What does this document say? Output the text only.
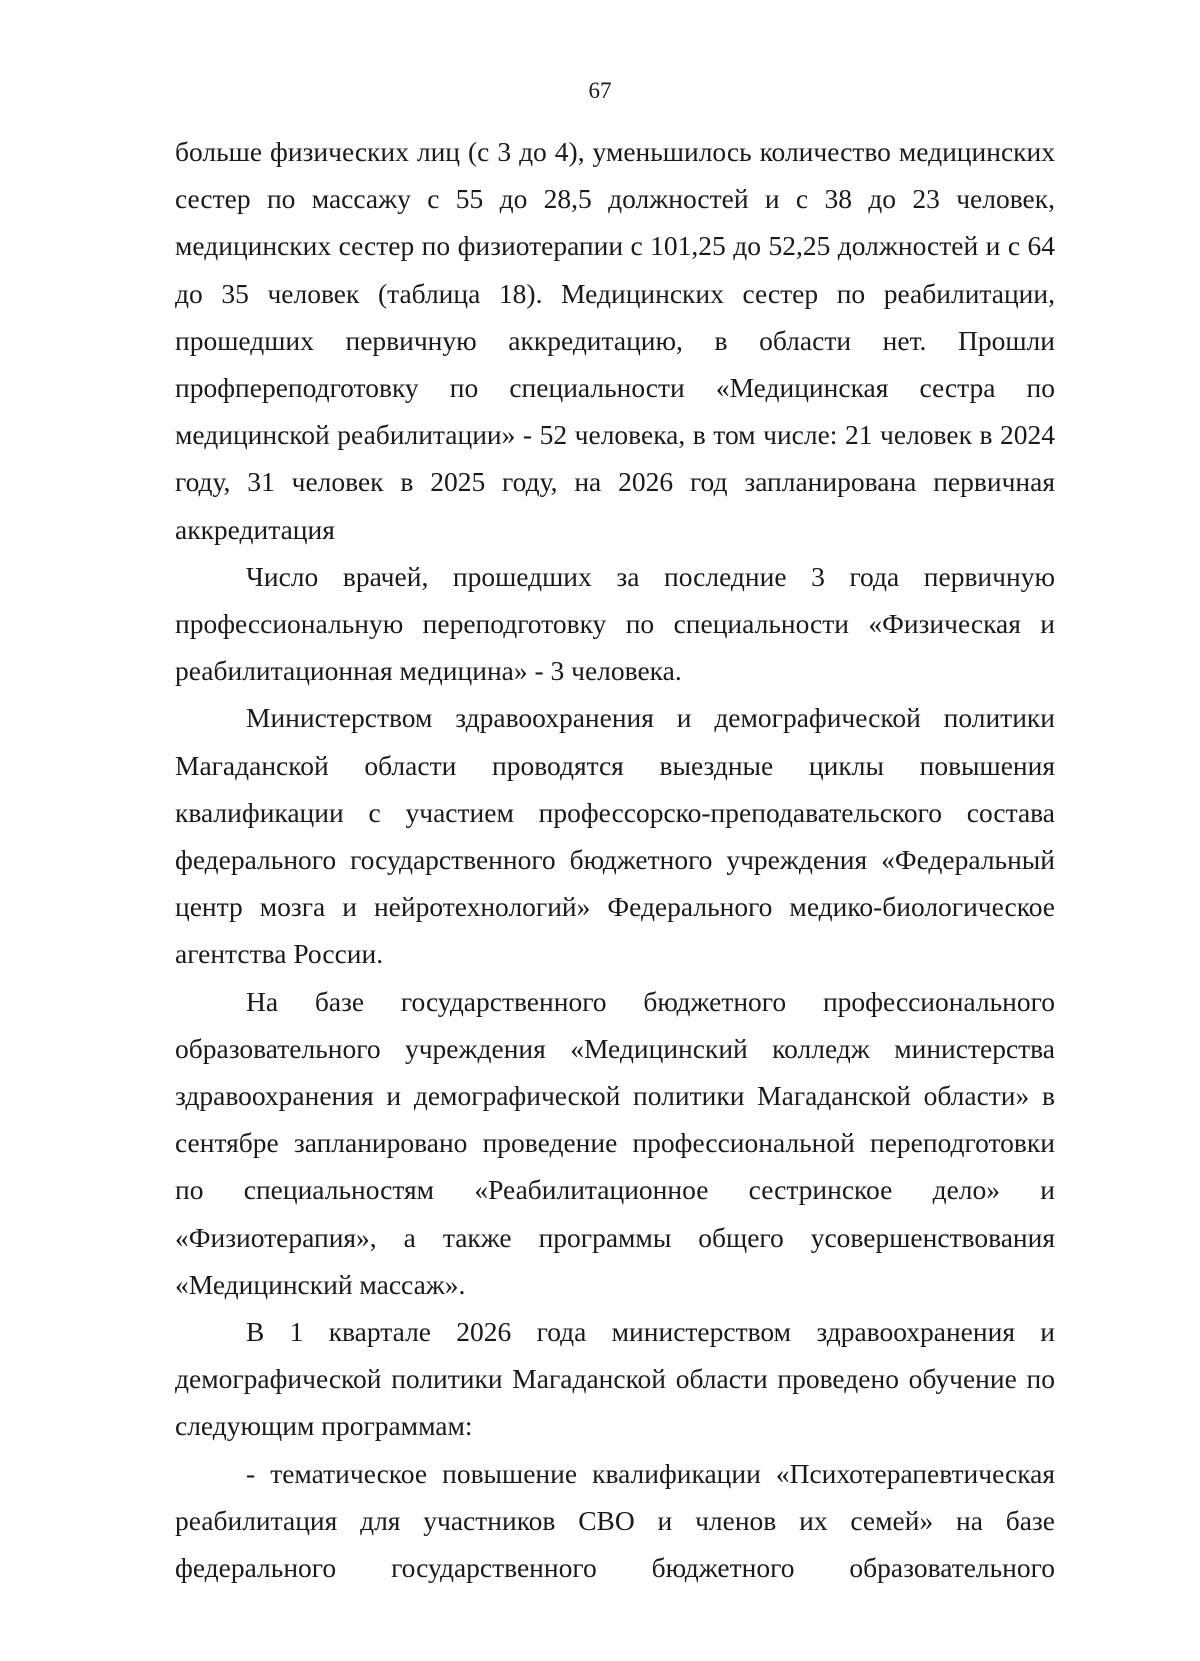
67

больше физических лиц (с 3 до 4), уменьшилось количество медицинских сестер по массажу с 55 до 28,5 должностей и с 38 до 23 человек, медицинских сестер по физиотерапии с 101,25 до 52,25 должностей и с 64 до 35 человек (таблица 18). Медицинских сестер по реабилитации, прошедших первичную аккредитацию, в области нет. Прошли профпереподготовку по специальности «Медицинская сестра по медицинской реабилитации» - 52 человека, в том числе: 21 человек в 2024 году, 31 человек в 2025 году, на 2026 год запланирована первичная аккредитация

Число врачей, прошедших за последние 3 года первичную профессиональную переподготовку по специальности «Физическая и реабилитационная медицина» - 3 человека.

Министерством здравоохранения и демографической политики Магаданской области проводятся выездные циклы повышения квалификации с участием профессорско-преподавательского состава федерального государственного бюджетного учреждения «Федеральный центр мозга и нейротехнологий» Федерального медико-биологическое агентства России.

На базе государственного бюджетного профессионального образовательного учреждения «Медицинский колледж министерства здравоохранения и демографической политики Магаданской области» в сентябре запланировано проведение профессиональной переподготовки по специальностям «Реабилитационное сестринское дело» и «Физиотерапия», а также программы общего усовершенствования «Медицинский массаж».

В 1 квартале 2026 года министерством здравоохранения и демографической политики Магаданской области проведено обучение по следующим программам:

- тематическое повышение квалификации «Психотерапевтическая реабилитация для участников СВО и членов их семей» на базе федерального государственного бюджетного образовательного
